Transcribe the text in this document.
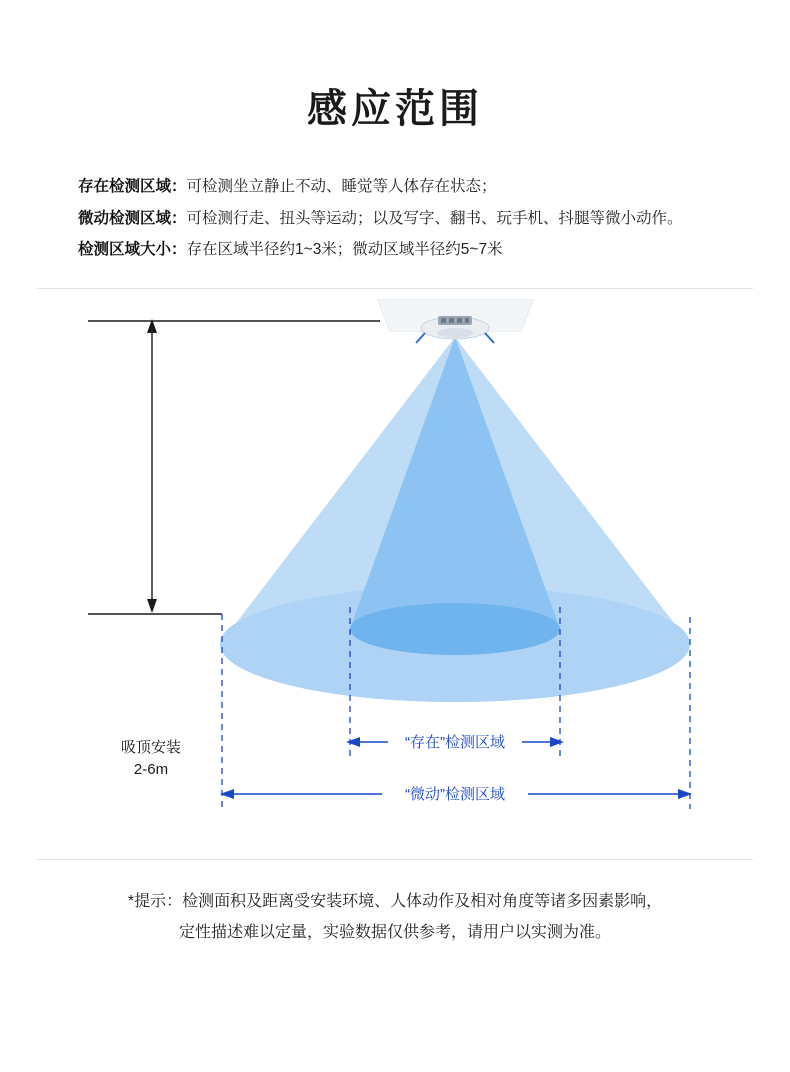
感应范围
存在检测区域：可检测坐立静止不动、睡觉等人体存在状态；
微动检测区域：可检测行走、扭头等运动；以及写字、翻书、玩手机、抖腿等微小动作。
检测区域大小：存在区域半径约1~3米；微动区域半径约5~7米
“存在”检测区域
“微动”检测区域
吸顶安装
2-6m
*提示：检测面积及距离受安装环境、人体动作及相对角度等诸多因素影响，
定性描述难以定量，实验数据仅供参考，请用户以实测为准。
